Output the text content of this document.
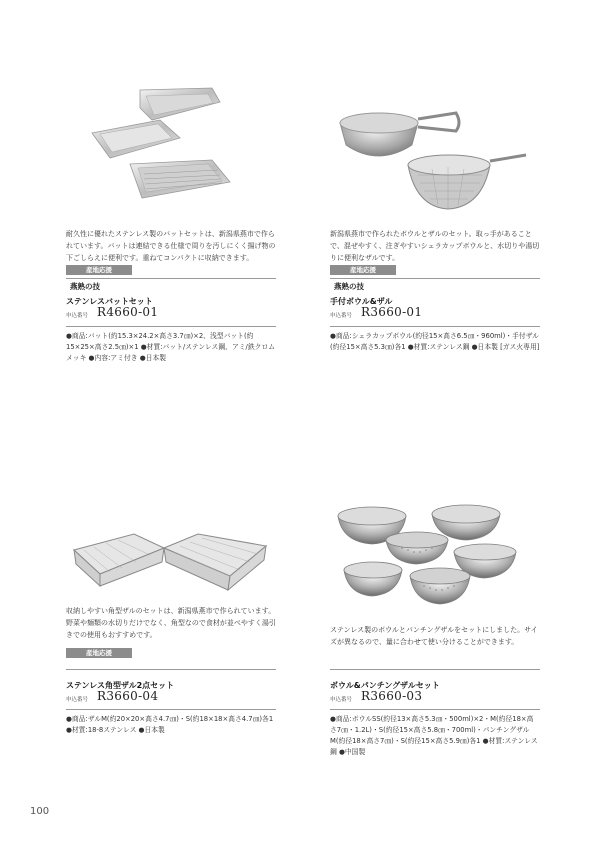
耐久性に優れたステンレス製のバットセットは、新潟県燕市で作られています。バットは連結できる仕様で周りを汚しにくく揚げ物の下ごしらえに便利です。重ねてコンパクトに収納できます。

産地応援
燕熟の技
ステンレスバットセット
申込番号 R4660-01

●商品:バット(約15.3×24.2×高さ3.7㎝)×2、浅型バット(約15×25×高さ2.5㎝)×1 ●材質:バット/ステンレス鋼、アミ/鉄クロムメッキ ●内容:アミ付き ●日本製

新潟県燕市で作られたボウルとザルのセット。取っ手があることで、混ぜやすく、注ぎやすいシェラカップボウルと、水切りや湯切りに便利なザルです。

産地応援
燕熟の技
手付ボウル&ザル
申込番号 R3660-01

●商品:シェラカップボウル(約径15×高さ6.5㎝・960ml)・手付ザル(約径15×高さ5.3㎝)各1 ●材質:ステンレス鋼 ●日本製 [ガス火専用]

収納しやすい角型ザルのセットは、新潟県燕市で作られています。野菜や麺類の水切りだけでなく、角型なので食材が並べやすく湯引きでの使用もおすすめです。

産地応援
ステンレス角型ザル2点セット
申込番号 R3660-04

●商品:ザルM(約20×20×高さ4.7㎝)・S(約18×18×高さ4.7㎝)各1 ●材質:18-8ステンレス ●日本製

ステンレス製のボウルとパンチングザルをセットにしました。サイズが異なるので、量に合わせて使い分けることができます。

ボウル&パンチングザルセット
申込番号 R3660-03

●商品:ボウルSS(約径13×高さ5.3㎝・500ml)×2・M(約径18×高さ7㎝・1.2L)・S(約径15×高さ5.8㎝・700ml)・パンチングザルM(約径18×高さ7㎝)・S(約径15×高さ5.9㎝)各1 ●材質:ステンレス鋼 ●中国製

100
